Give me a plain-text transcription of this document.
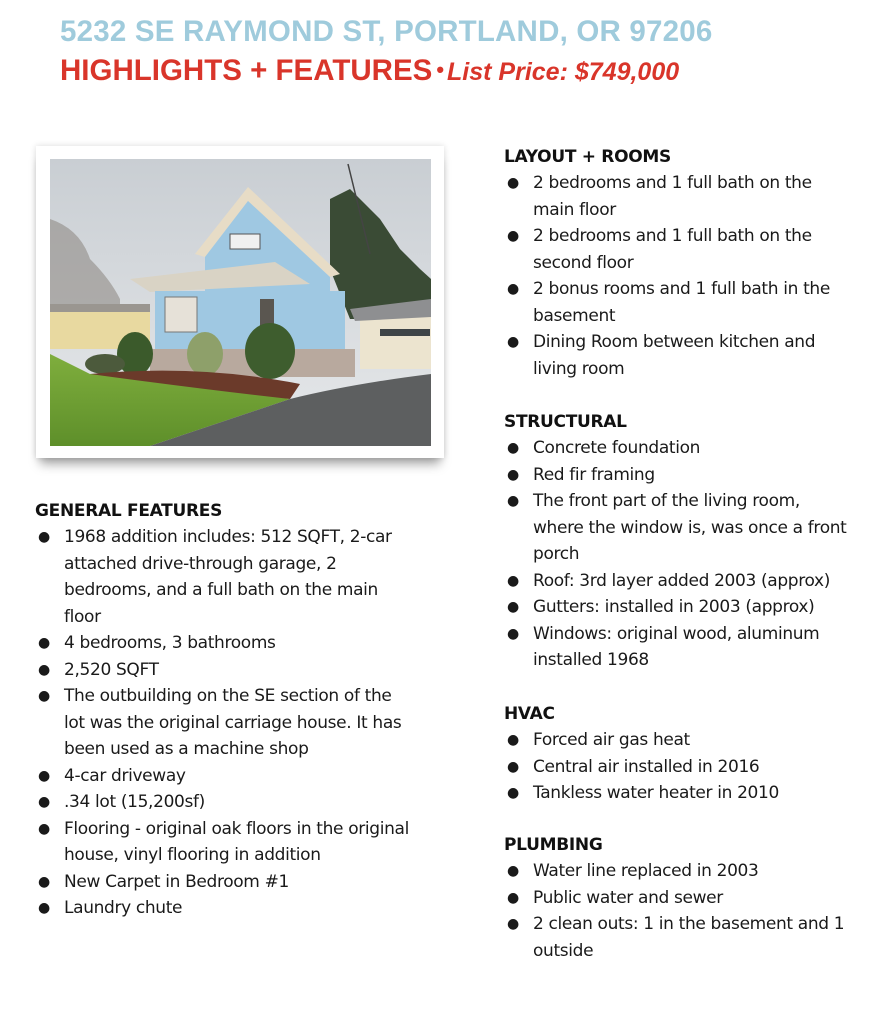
5232 SE RAYMOND ST, PORTLAND, OR 97206
HIGHLIGHTS + FEATURES • List Price: $749,000
GENERAL FEATURES
● 1968 addition includes: 512 SQFT, 2-car attached drive-through garage, 2 bedrooms, and a full bath on the main floor
● 4 bedrooms, 3 bathrooms
● 2,520 SQFT
● The outbuilding on the SE section of the lot was the original carriage house. It has been used as a machine shop
● 4-car driveway
● .34 lot (15,200sf)
● Flooring - original oak floors in the original house, vinyl flooring in addition
● New Carpet in Bedroom #1
● Laundry chute
LAYOUT + ROOMS
● 2 bedrooms and 1 full bath on the main floor
● 2 bedrooms and 1 full bath on the second floor
● 2 bonus rooms and 1 full bath in the basement
● Dining Room between kitchen and living room
STRUCTURAL
● Concrete foundation
● Red fir framing
● The front part of the living room, where the window is, was once a front porch
● Roof: 3rd layer added 2003 (approx)
● Gutters: installed in 2003 (approx)
● Windows: original wood, aluminum installed 1968
HVAC
● Forced air gas heat
● Central air installed in 2016
● Tankless water heater in 2010
PLUMBING
● Water line replaced in 2003
● Public water and sewer
● 2 clean outs: 1 in the basement and 1 outside
